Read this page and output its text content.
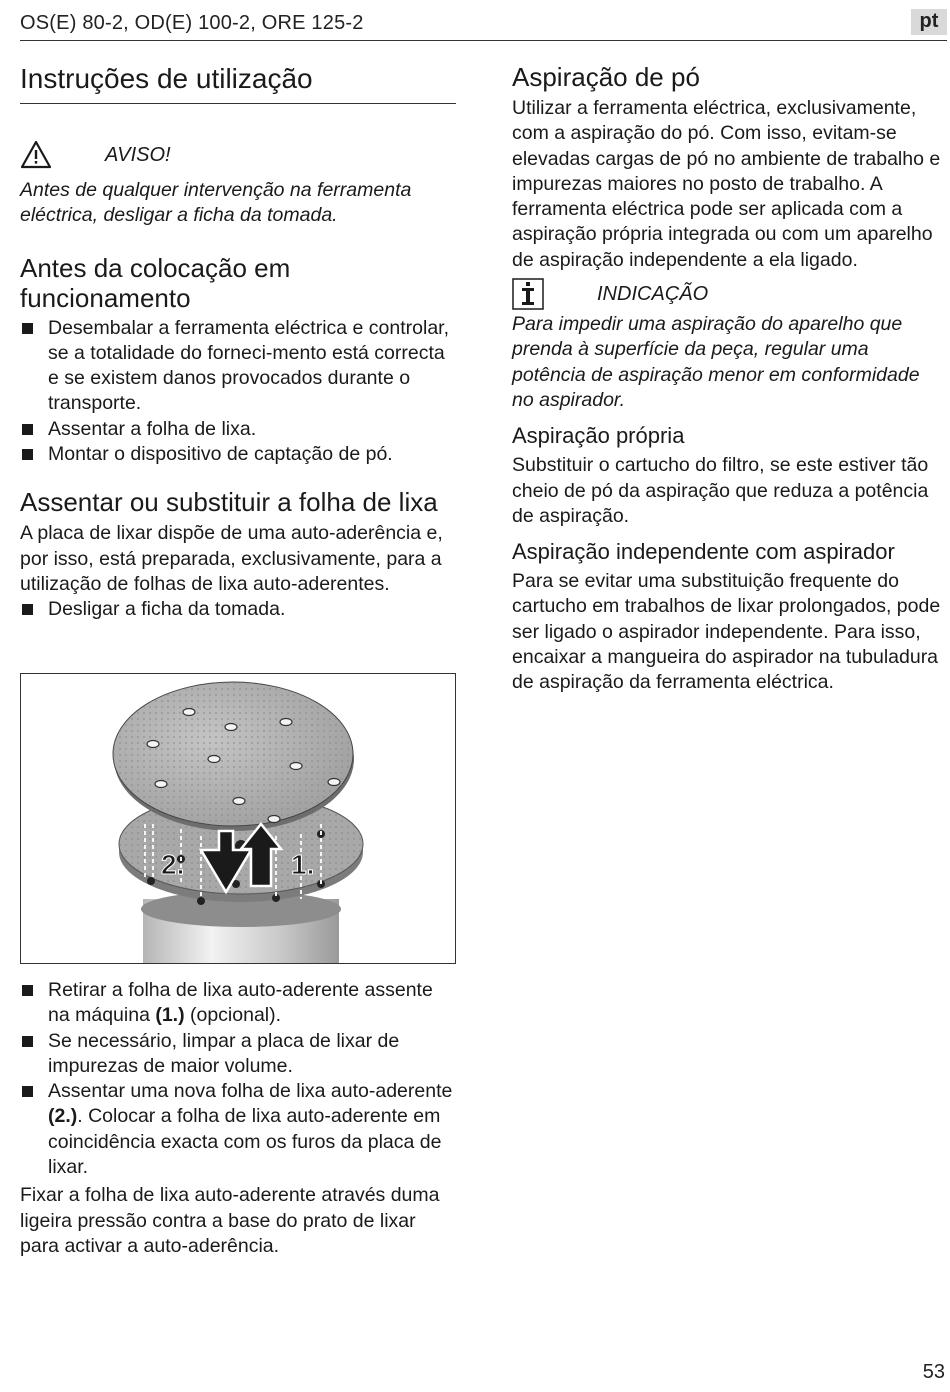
OS(E) 80-2, OD(E) 100-2, ORE 125-2	pt
Instruções de utilização
AVISO!

Antes de qualquer intervenção na ferramenta eléctrica, desligar a ficha da tomada.

Antes da colocação em funcionamento
Desembalar a ferramenta eléctrica e controlar, se a totalidade do forneci-mento está correcta e se existem danos provocados durante o transporte.
Assentar a folha de lixa.
Montar o dispositivo de captação de pó.
Assentar ou substituir a folha de lixa

A placa de lixar dispõe de uma auto-aderência e, por isso, está preparada, exclusivamente, para a utilização de folhas de lixa auto-aderentes.

Desligar a ficha da tomada.
2.	1.
Retirar a folha de lixa auto-aderente assente na máquina (1.) (opcional).
Se necessário, limpar a placa de lixar de impurezas de maior volume.
Assentar uma nova folha de lixa auto-aderente (2.). Colocar a folha de lixa auto-aderente em coincidência exacta com os furos da placa de lixar.

Fixar a folha de lixa auto-aderente através duma ligeira pressão contra a base do prato de lixar para activar a auto-aderência.

Aspiração de pó

Utilizar a ferramenta eléctrica, exclusivamente, com a aspiração do pó. Com isso, evitam-se elevadas cargas de pó no ambiente de trabalho e impurezas maiores no posto de trabalho. A ferramenta eléctrica pode ser aplicada com a aspiração própria integrada ou com um aparelho de aspiração independente a ela ligado.

INDICAÇÃO

Para impedir uma aspiração do aparelho que prenda à superfície da peça, regular uma potência de aspiração menor em conformidade no aspirador.

Aspiração própria

Substituir o cartucho do filtro, se este estiver tão cheio de pó da aspiração que reduza a potência de aspiração.

Aspiração independente com aspirador

Para se evitar uma substituição frequente do cartucho em trabalhos de lixar prolongados, pode ser ligado o aspirador independente. Para isso, encaixar a mangueira do aspirador na tubuladura de aspiração da ferramenta eléctrica.

53
